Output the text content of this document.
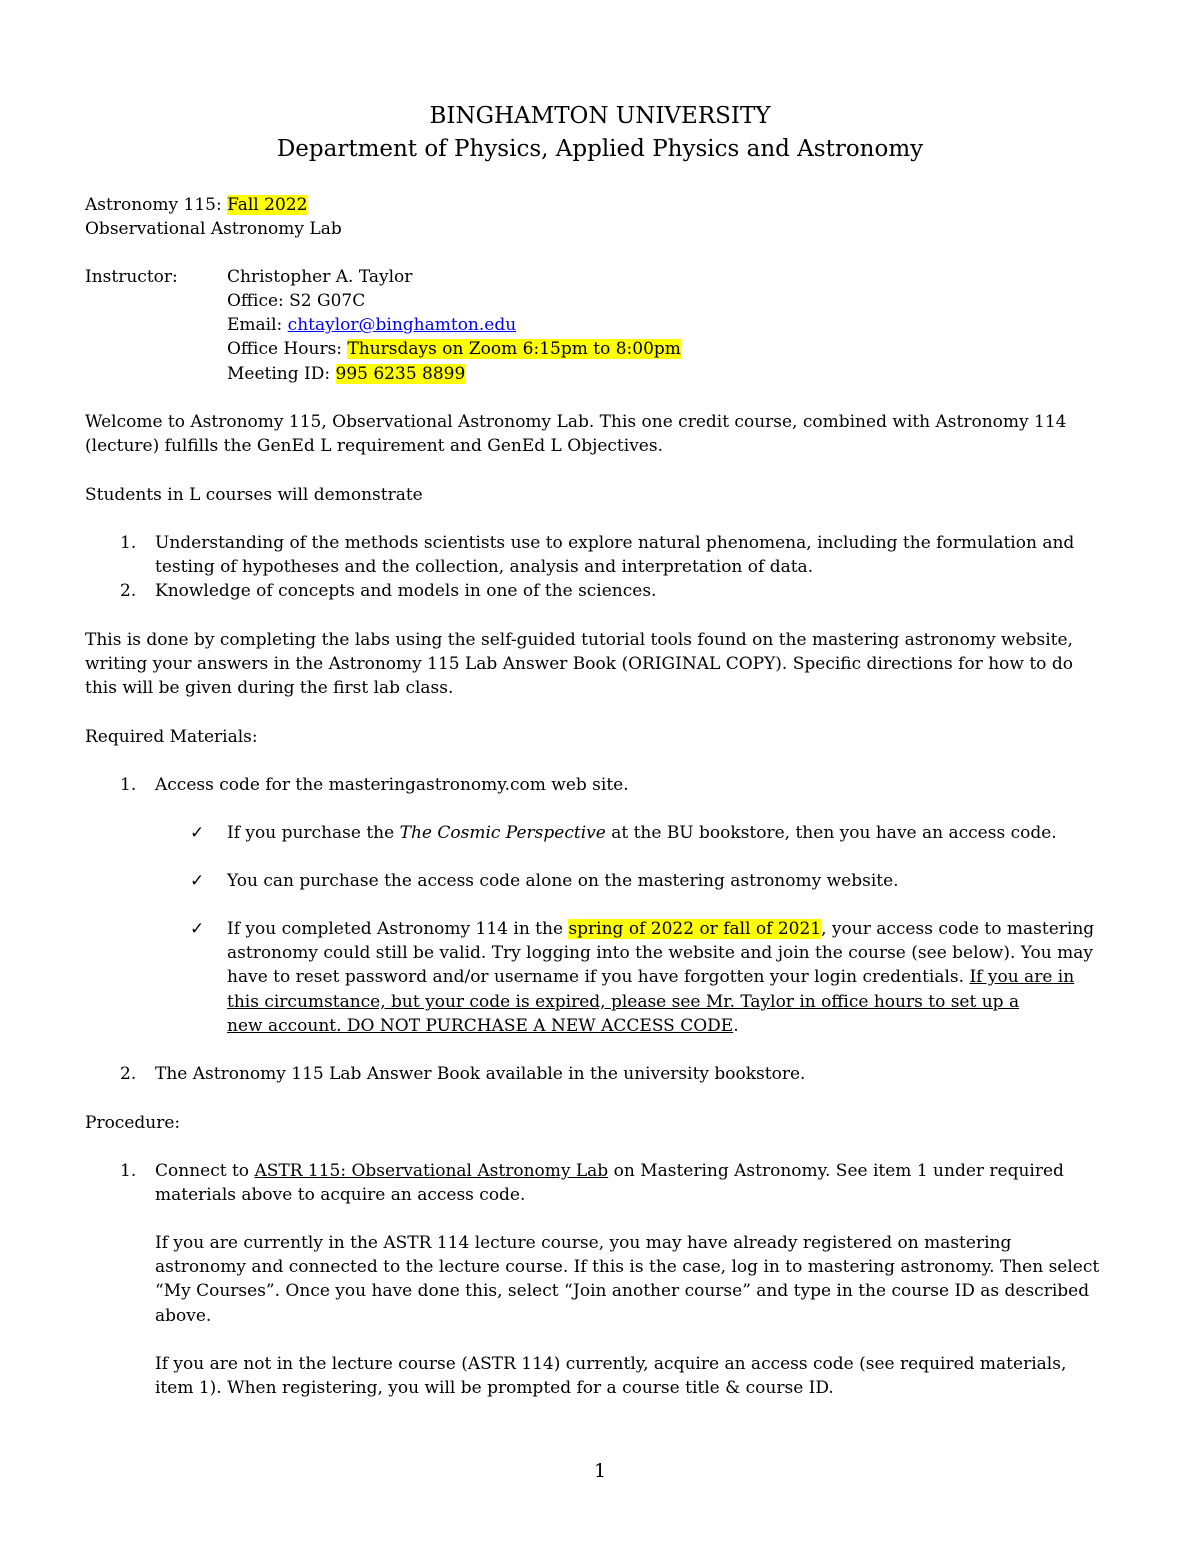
BINGHAMTON UNIVERSITY
Department of Physics, Applied Physics and Astronomy
Astronomy 115: Fall 2022
Observational Astronomy Lab
Instructor:	Christopher A. Taylor
Office: S2 G07C
Email: chtaylor@binghamton.edu
Office Hours: Thursdays on Zoom 6:15pm to 8:00pm
Meeting ID: 995 6235 8899
Welcome to Astronomy 115, Observational Astronomy Lab. This one credit course, combined with Astronomy 114
(lecture) fulfills the GenEd L requirement and GenEd L Objectives.
Students in L courses will demonstrate
1. Understanding of the methods scientists use to explore natural phenomena, including the formulation and
testing of hypotheses and the collection, analysis and interpretation of data.
2. Knowledge of concepts and models in one of the sciences.
This is done by completing the labs using the self-guided tutorial tools found on the mastering astronomy website,
writing your answers in the Astronomy 115 Lab Answer Book (ORIGINAL COPY). Specific directions for how to do
this will be given during the first lab class.
Required Materials:
1. Access code for the masteringastronomy.com web site.
✓ If you purchase the The Cosmic Perspective at the BU bookstore, then you have an access code.
✓ You can purchase the access code alone on the mastering astronomy website.
✓ If you completed Astronomy 114 in the spring of 2022 or fall of 2021, your access code to mastering
astronomy could still be valid. Try logging into the website and join the course (see below). You may
have to reset password and/or username if you have forgotten your login credentials. If you are in
this circumstance, but your code is expired, please see Mr. Taylor in office hours to set up a
new account. DO NOT PURCHASE A NEW ACCESS CODE.
2. The Astronomy 115 Lab Answer Book available in the university bookstore.
Procedure:
1. Connect to ASTR 115: Observational Astronomy Lab on Mastering Astronomy. See item 1 under required
materials above to acquire an access code.
If you are currently in the ASTR 114 lecture course, you may have already registered on mastering
astronomy and connected to the lecture course. If this is the case, log in to mastering astronomy. Then select
“My Courses”. Once you have done this, select “Join another course” and type in the course ID as described
above.
If you are not in the lecture course (ASTR 114) currently, acquire an access code (see required materials,
item 1). When registering, you will be prompted for a course title & course ID.
1
